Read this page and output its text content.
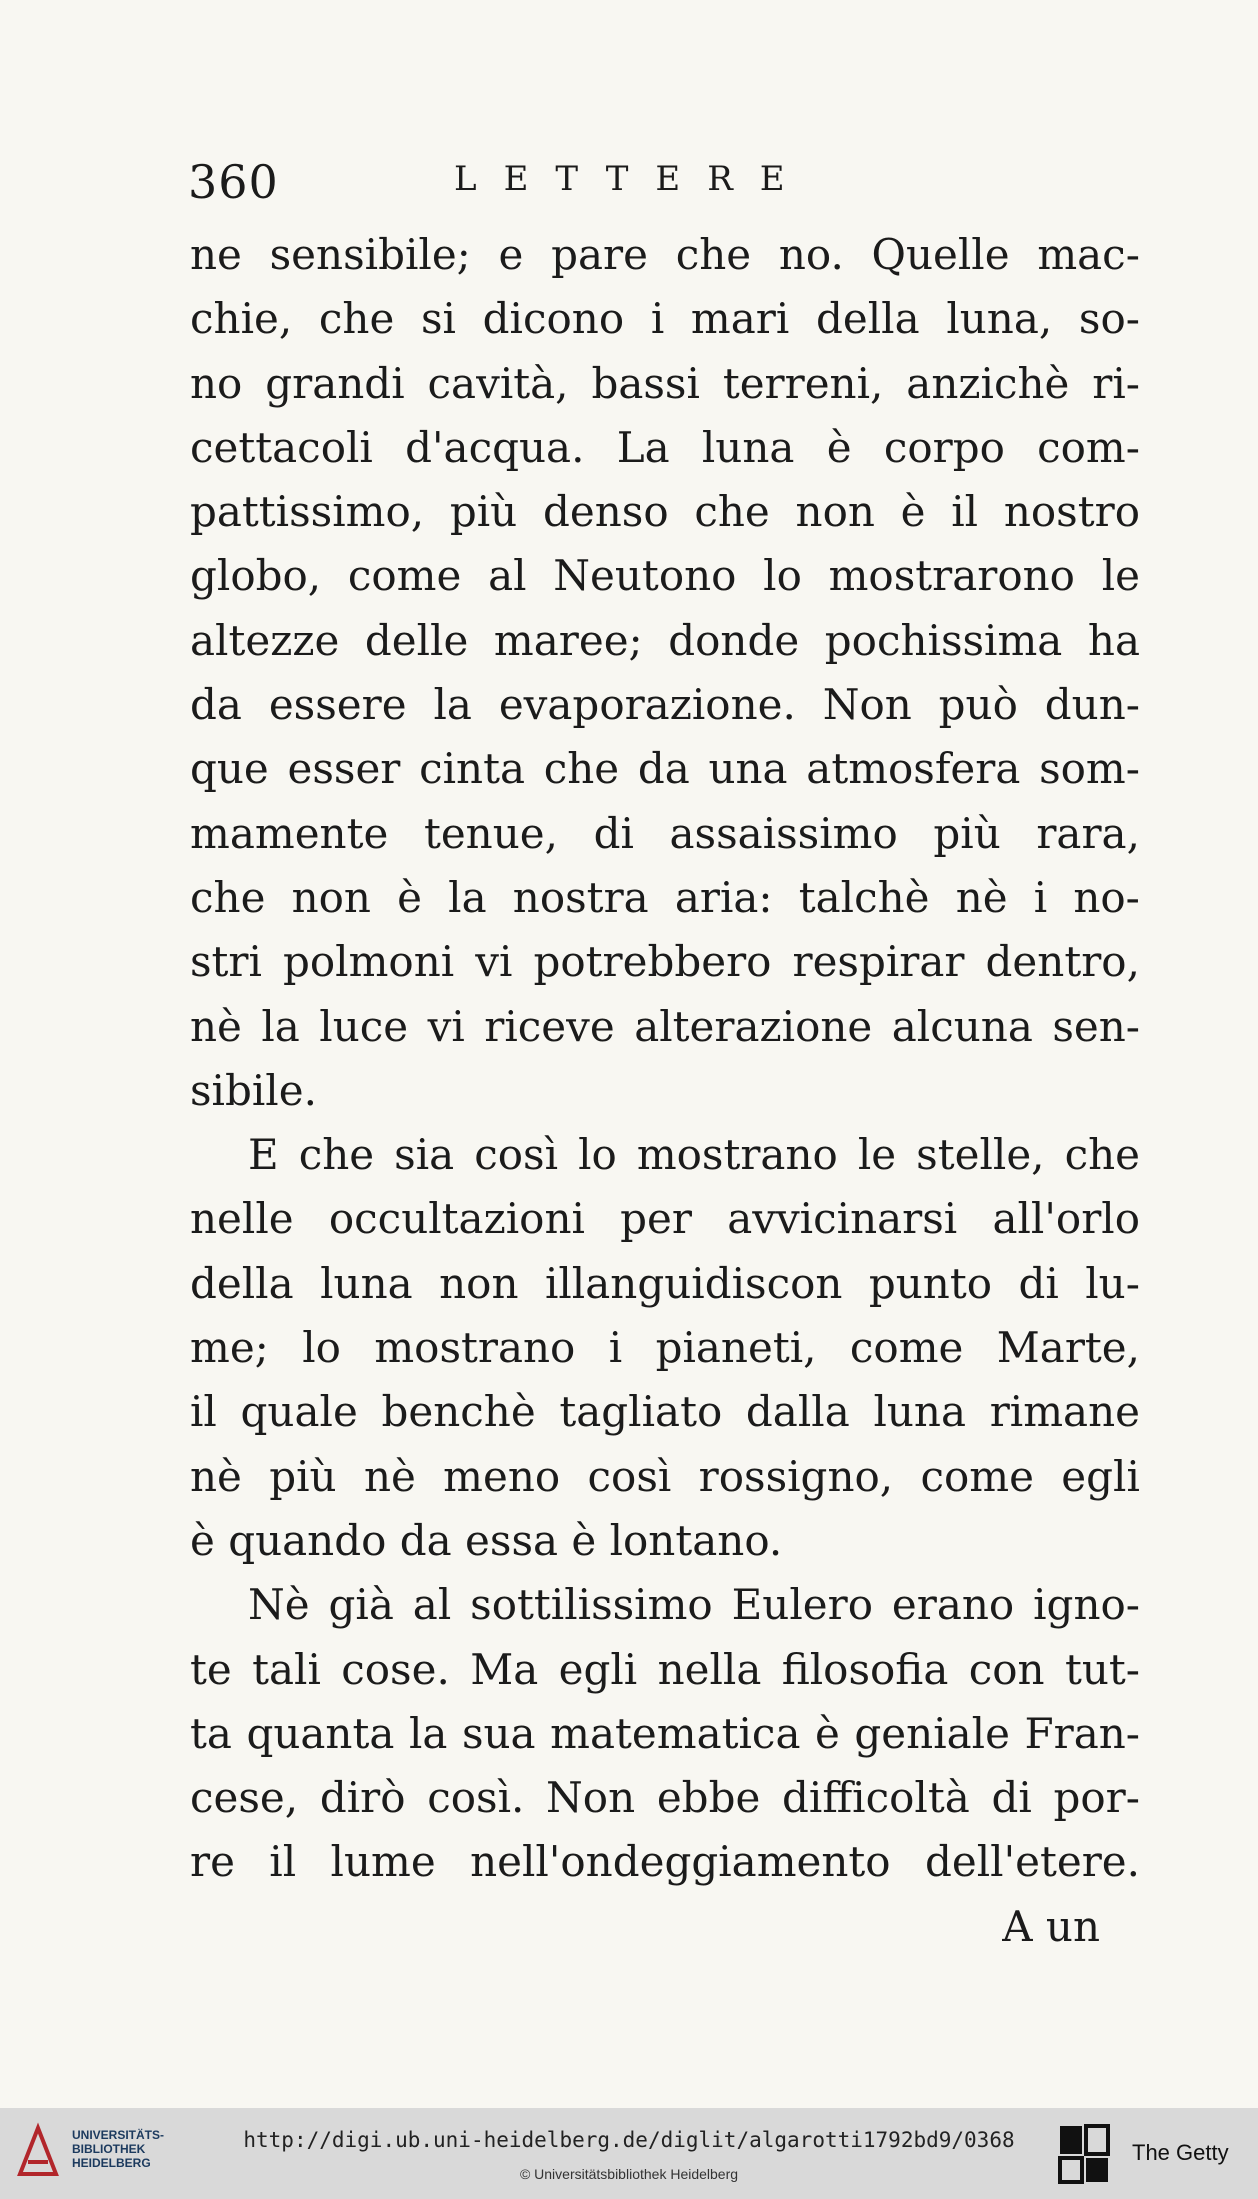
360	LETTERE
ne sensibile; e pare che no. Quelle mac-
chie, che si dicono i mari della luna, so-
no grandi cavità, bassi terreni, anzichè ri-
cettacoli d'acqua. La luna è corpo com-
pattissimo, più denso che non è il nostro
globo, come al Neutono lo mostrarono le
altezze delle maree; donde pochissima ha
da essere la evaporazione. Non può dun-
que esser cinta che da una atmosfera som-
mamente tenue, di assaissimo più rara,
che non è la nostra aria: talchè nè i no-
stri polmoni vi potrebbero respirar dentro,
nè la luce vi riceve alterazione alcuna sen-
sibile.
E che sia così lo mostrano le stelle, che
nelle occultazioni per avvicinarsi all'orlo
della luna non illanguidiscon punto di lu-
me; lo mostrano i pianeti, come Marte,
il quale benchè tagliato dalla luna rimane
nè più nè meno così rossigno, come egli
è quando da essa è lontano.
Nè già al sottilissimo Eulero erano igno-
te tali cose. Ma egli nella filosofia con tut-
ta quanta la sua matematica è geniale Fran-
cese, dirò così. Non ebbe difficoltà di por-
re il lume nell'ondeggiamento dell'etere.
A un
UNIVERSITÄTS-
BIBLIOTHEK
HEIDELBERG
http://digi.ub.uni-heidelberg.de/diglit/algarotti1792bd9/0368
© Universitätsbibliothek Heidelberg
The Getty
